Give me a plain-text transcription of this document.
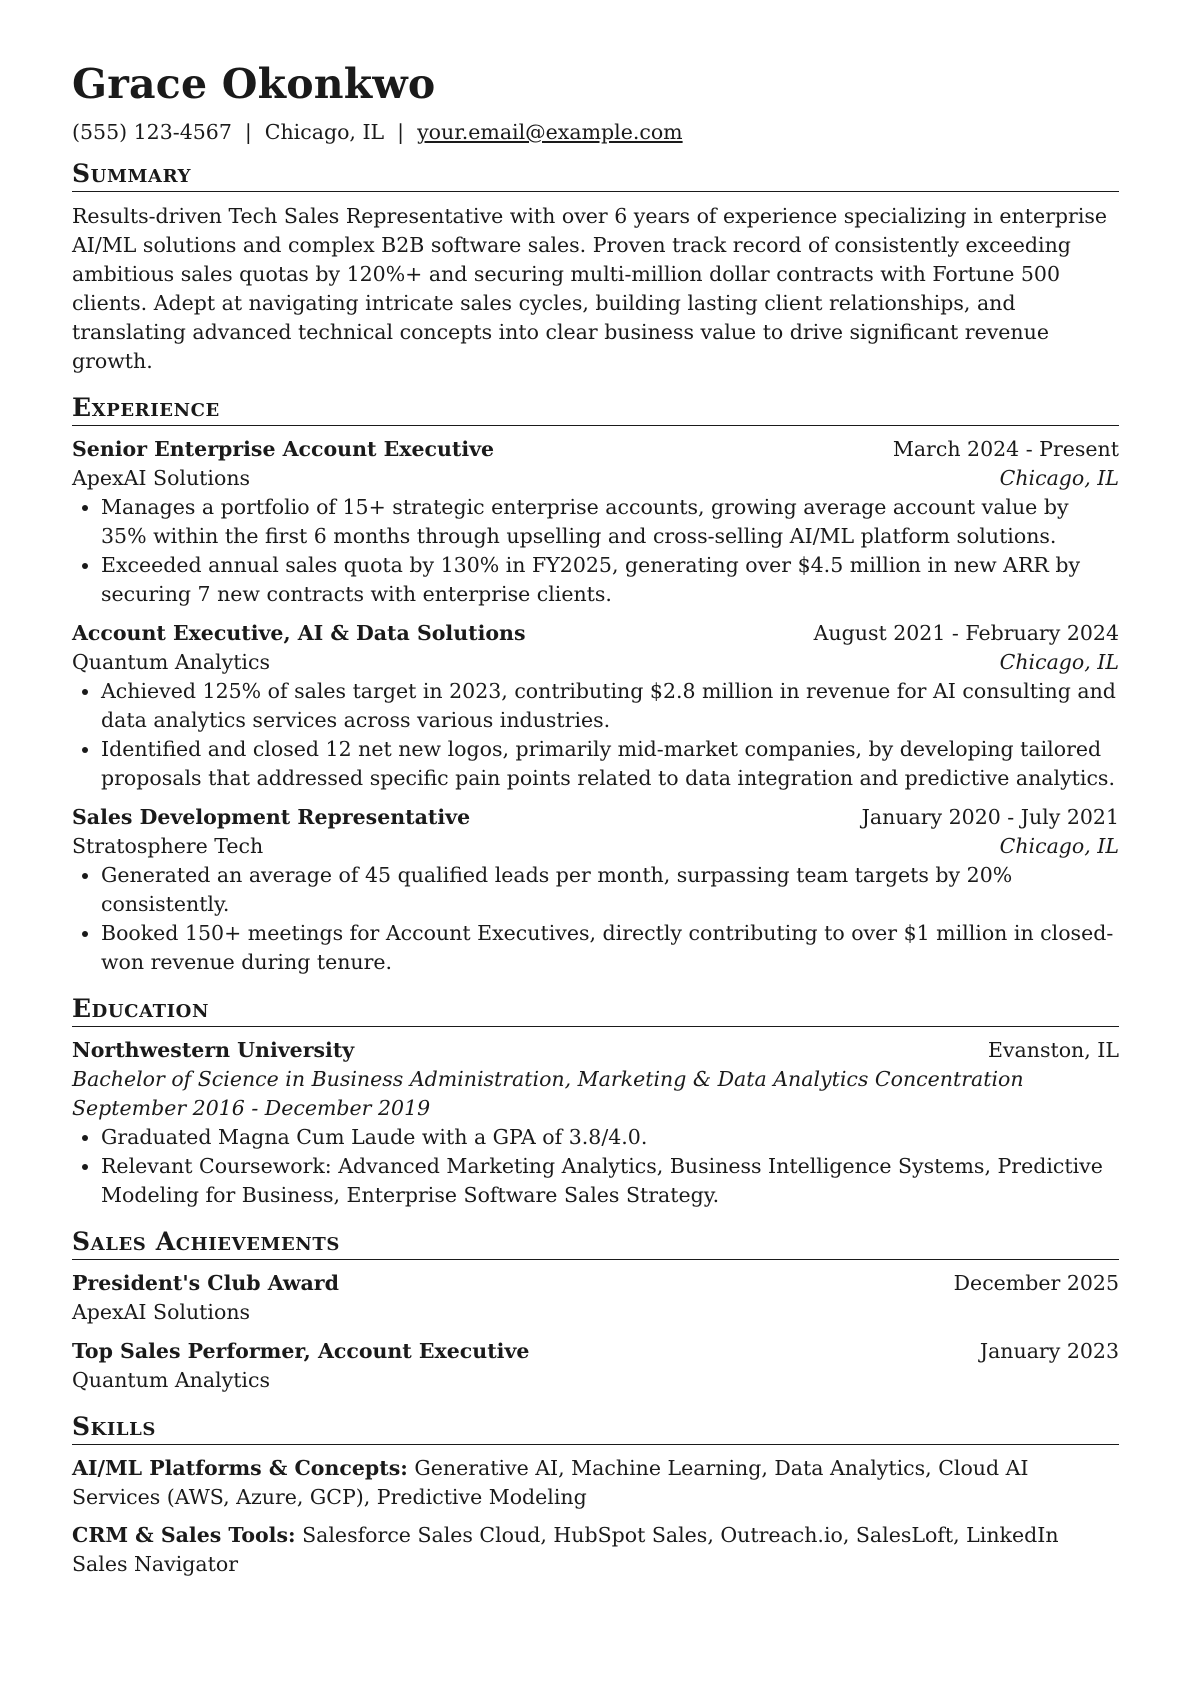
Grace Okonkwo
(555) 123-4567 | Chicago, IL | your.email@example.com
Summary
Results-driven Tech Sales Representative with over 6 years of experience specializing in enterprise AI/ML solutions and complex B2B software sales. Proven track record of consistently exceeding ambitious sales quotas by 120%+ and securing multi-million dollar contracts with Fortune 500 clients. Adept at navigating intricate sales cycles, building lasting client relationships, and translating advanced technical concepts into clear business value to drive significant revenue growth.
Experience
Senior Enterprise Account Executive	March 2024 - Present
ApexAI Solutions	Chicago, IL
• Manages a portfolio of 15+ strategic enterprise accounts, growing average account value by 35% within the first 6 months through upselling and cross-selling AI/ML platform solutions.
• Exceeded annual sales quota by 130% in FY2025, generating over $4.5 million in new ARR by securing 7 new contracts with enterprise clients.
Account Executive, AI & Data Solutions	August 2021 - February 2024
Quantum Analytics	Chicago, IL
• Achieved 125% of sales target in 2023, contributing $2.8 million in revenue for AI consulting and data analytics services across various industries.
• Identified and closed 12 net new logos, primarily mid-market companies, by developing tailored proposals that addressed specific pain points related to data integration and predictive analytics.
Sales Development Representative	January 2020 - July 2021
Stratosphere Tech	Chicago, IL
• Generated an average of 45 qualified leads per month, surpassing team targets by 20% consistently.
• Booked 150+ meetings for Account Executives, directly contributing to over $1 million in closed-won revenue during tenure.
Education
Northwestern University	Evanston, IL
Bachelor of Science in Business Administration, Marketing & Data Analytics Concentration September 2016 - December 2019
• Graduated Magna Cum Laude with a GPA of 3.8/4.0.
• Relevant Coursework: Advanced Marketing Analytics, Business Intelligence Systems, Predictive Modeling for Business, Enterprise Software Sales Strategy.
Sales Achievements
President's Club Award	December 2025
ApexAI Solutions
Top Sales Performer, Account Executive	January 2023
Quantum Analytics
Skills
AI/ML Platforms & Concepts: Generative AI, Machine Learning, Data Analytics, Cloud AI Services (AWS, Azure, GCP), Predictive Modeling
CRM & Sales Tools: Salesforce Sales Cloud, HubSpot Sales, Outreach.io, SalesLoft, LinkedIn Sales Navigator
